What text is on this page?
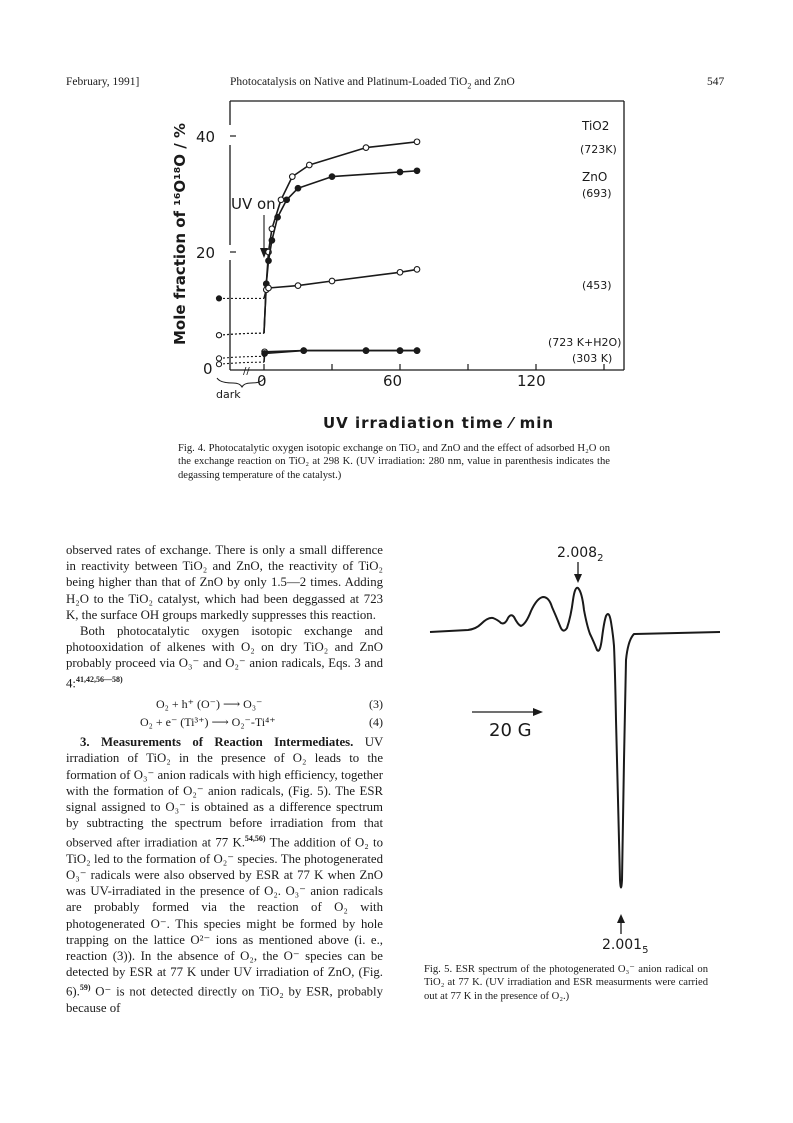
February, 1991]	Photocatalysis on Native and Platinum-Loaded TiO$_2$ and ZnO	547
//
40
20
0
0	60	120
dark
Mole fraction of ¹⁶O¹⁸O / %	UV on
TiO2
(723K)
ZnO
(693)
(453)
(723 K+H2O)
(303 K)
UV irradiation time ⁄ min
Fig. 4. Photocatalytic oxygen isotopic exchange on TiO₂ and ZnO and the effect of adsorbed H₂O on the exchange reaction on TiO₂ at 298 K. (UV irradiation: 280 nm, value in parenthesis indicates the degassing temperature of the catalyst.)

observed rates of exchange. There is only a small difference in reactivity between TiO₂ and ZnO, the reactivity of TiO₂ being higher than that of ZnO by only 1.5—2 times. Adding H₂O to the TiO₂ catalyst, which had been deggassed at 723 K, the surface OH groups markedly suppresses this reaction.

Both photocatalytic oxygen isotopic exchange and photooxidation of alkenes with O₂ on dry TiO₂ and ZnO probably proceed via O₃⁻ and O₂⁻ anion radicals, Eqs. 3 and 4:$^{41,42,56—58)}$

O₂ + h⁺ (O⁻) ⟶ O₃⁻	(3)
O₂ + e⁻ (Ti³⁺) ⟶ O₂⁻-Ti⁴⁺	(4)

3. Measurements of Reaction Intermediates. UV irradiation of TiO₂ in the presence of O₂ leads to the formation of O₃⁻ anion radicals with high efficiency, together with the formation of O₂⁻ anion radicals, (Fig. 5). The ESR signal assigned to O₃⁻ is obtained as a difference spectrum by subtracting the spectrum before irradiation from that observed after irradiation at 77 K.$^{54,56)}$ The addition of O₂ to TiO₂ led to the formation of O₂⁻ species. The photogenerated O₃⁻ radicals were also observed by ESR at 77 K when ZnO was UV-irradiated in the presence of O₂. O₃⁻ anion radicals are probably formed via the reaction of O₂ with photogenerated O⁻. This species might be formed by hole trapping on the lattice O²⁻ ions as mentioned above (i. e., reaction (3)). In the absence of O₂, the O⁻ species can be detected by ESR at 77 K under UV irradiation of ZnO, (Fig. 6).$^{59)}$ O⁻ is not detected directly on TiO₂ by ESR, probably because of

$2.008_2$
20 G
$2.001_5$
Fig. 5. ESR spectrum of the photogenerated O₃⁻ anion radical on TiO₂ at 77 K. (UV irradiation and ESR measurments were carried out at 77 K in the presence of O₂.)
